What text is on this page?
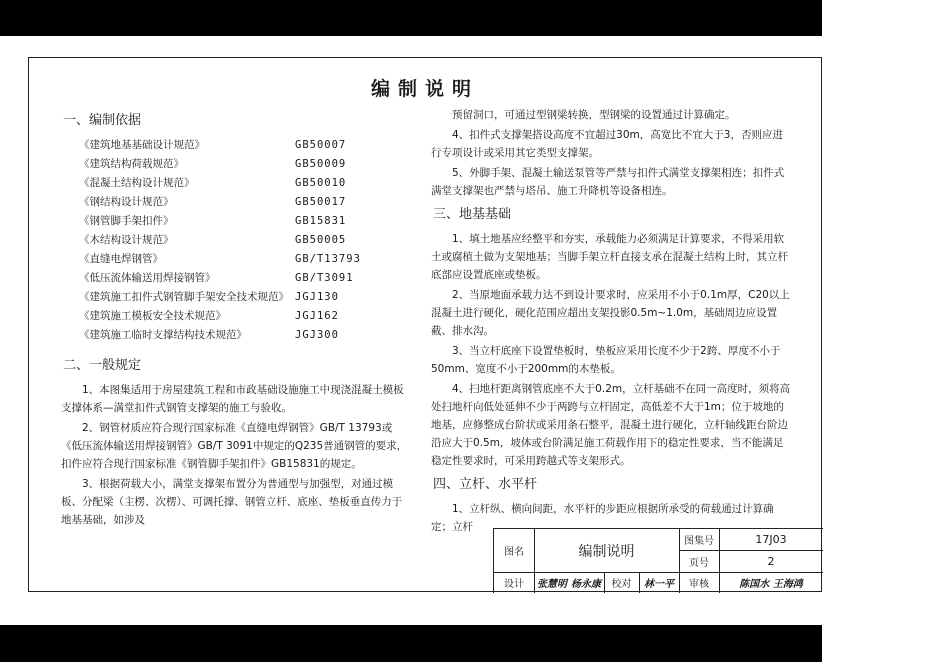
编制说明
一、编制依据
《建筑地基基础设计规范》	GB50007
《建筑结构荷载规范》	GB50009
《混凝土结构设计规范》	GB50010
《钢结构设计规范》	GB50017
《钢管脚手架扣件》	GB15831
《木结构设计规范》	GB50005
《直缝电焊钢管》	GB/T13793
《低压流体输送用焊接钢管》	GB/T3091
《建筑施工扣件式钢管脚手架安全技术规范》 JGJ130
《建筑施工模板安全技术规范》	JGJ162
《建筑施工临时支撑结构技术规范》	JGJ300
二、一般规定
1、本图集适用于房屋建筑工程和市政基础设施施工中现浇混凝土模板支撑体系—满堂扣件式钢管支撑架的施工与验收。
2、钢管材质应符合现行国家标准《直缝电焊钢管》GB/T 13793或《低压流体输送用焊接钢管》GB/T 3091中规定的Q235普通钢管的要求，扣件应符合现行国家标准《钢管脚手架扣件》GB15831的规定。
3、根据荷载大小，满堂支撑架布置分为普通型与加强型，对通过模板、分配梁（主楞、次楞）、可调托撑、钢管立杆、底座、垫板垂直传力于地基基础，如涉及
预留洞口，可通过型钢梁转换，型钢梁的设置通过计算确定。
4、扣件式支撑架搭设高度不宜超过30m，高宽比不宜大于3，否则应进行专项设计或采用其它类型支撑架。
5、外脚手架、混凝土输送泵管等严禁与扣件式满堂支撑架相连；扣件式满堂支撑架也严禁与塔吊、施工升降机等设备相连。
三、地基基础
1、填土地基应经整平和夯实，承载能力必须满足计算要求，不得采用软土或腐植土做为支架地基；当脚手架立杆直接支承在混凝土结构上时，其立杆底部应设置底座或垫板。
2、当原地面承载力达不到设计要求时，应采用不小于0.1m厚，C20以上混凝土进行硬化，硬化范围应超出支架投影0.5m~1.0m，基础周边应设置截、排水沟。
3、当立杆底座下设置垫板时，垫板应采用长度不少于2跨、厚度不小于50mm、宽度不小于200mm的木垫板。
4、扫地杆距离钢管底座不大于0.2m，立杆基础不在同一高度时，须将高处扫地杆向低处延伸不少于两跨与立杆固定，高低差不大于1m；位于坡地的地基，应修整成台阶状或采用条石整平，混凝土进行硬化，立杆轴线距台阶边沿应大于0.5m，坡体或台阶满足施工荷载作用下的稳定性要求，当不能满足稳定性要求时，可采用跨越式等支架形式。
四、立杆、水平杆
1、立杆纵、横向间距，水平杆的步距应根据所承受的荷载通过计算确定；立杆
图名	编制说明
图集号	17J03
页号	2
设计	张慧明 杨永康	校对	林一平	审核	陈国水 王海鸿
